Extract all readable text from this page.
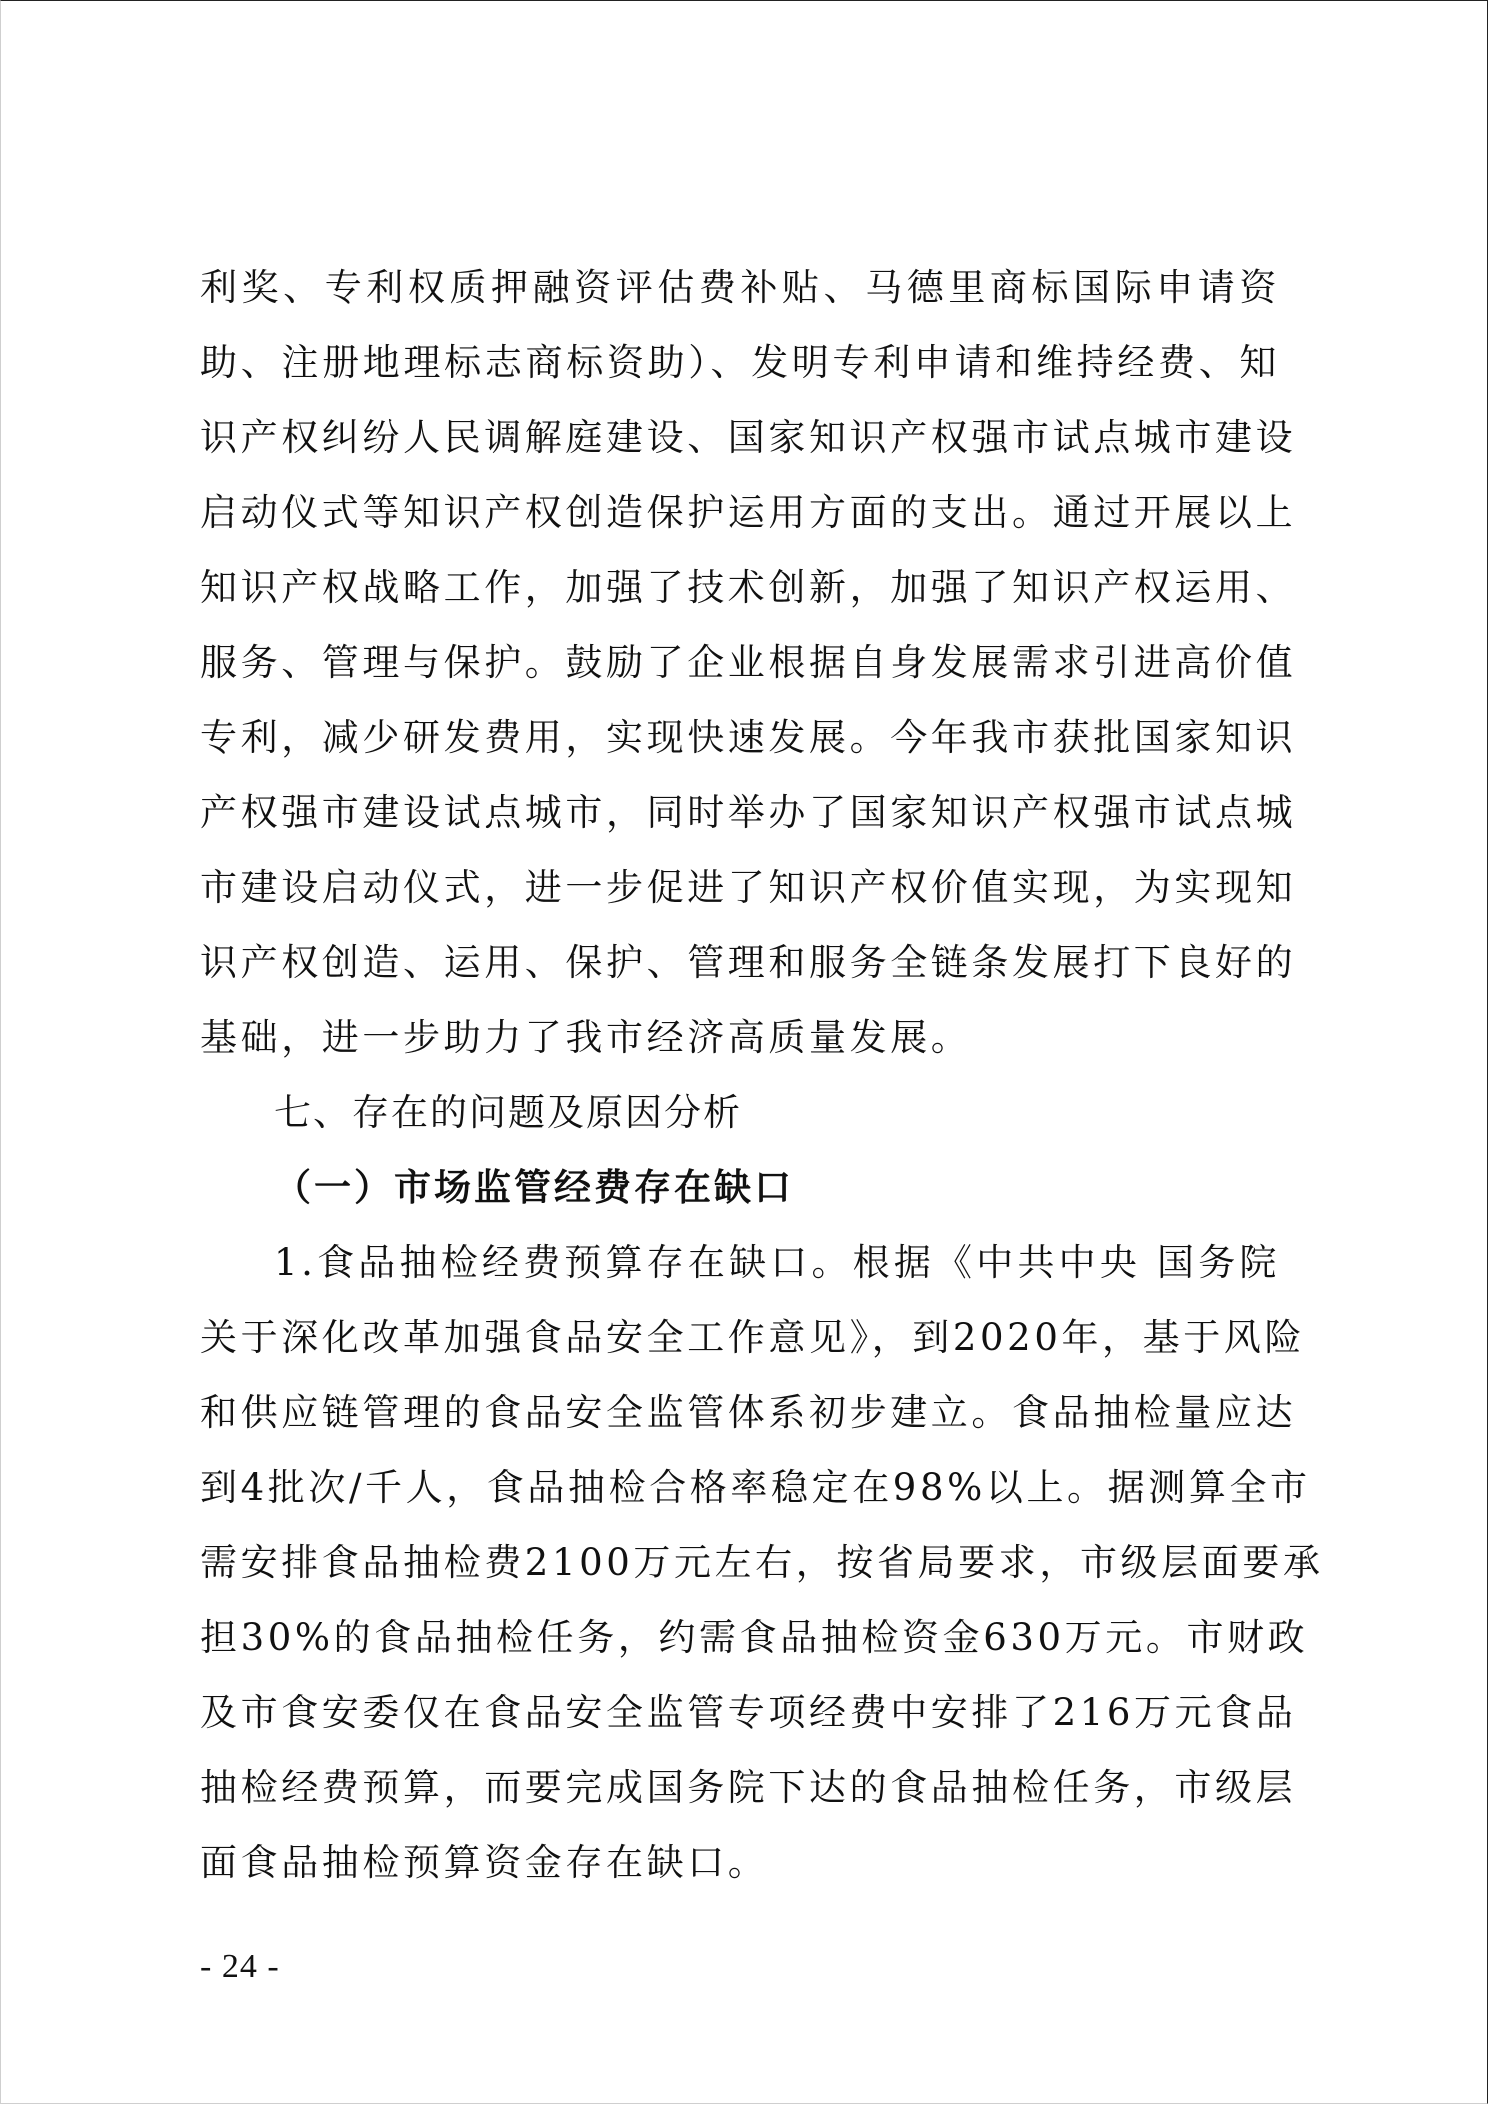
利奖、专利权质押融资评估费补贴、马德里商标国际申请资
助、注册地理标志商标资助）、发明专利申请和维持经费、知
识产权纠纷人民调解庭建设、国家知识产权强市试点城市建设
启动仪式等知识产权创造保护运用方面的支出。通过开展以上
知识产权战略工作，加强了技术创新，加强了知识产权运用、
服务、管理与保护。鼓励了企业根据自身发展需求引进高价值
专利，减少研发费用，实现快速发展。今年我市获批国家知识
产权强市建设试点城市，同时举办了国家知识产权强市试点城
市建设启动仪式，进一步促进了知识产权价值实现，为实现知
识产权创造、运用、保护、管理和服务全链条发展打下良好的
基础，进一步助力了我市经济高质量发展。
七、存在的问题及原因分析
（一）市场监管经费存在缺口
1.食品抽检经费预算存在缺口。根据《中共中央 国务院
关于深化改革加强食品安全工作意见》，到2020年，基于风险
和供应链管理的食品安全监管体系初步建立。食品抽检量应达
到4批次/千人，食品抽检合格率稳定在98%以上。据测算全市
需安排食品抽检费2100万元左右，按省局要求，市级层面要承
担30%的食品抽检任务，约需食品抽检资金630万元。市财政
及市食安委仅在食品安全监管专项经费中安排了216万元食品
抽检经费预算，而要完成国务院下达的食品抽检任务，市级层
面食品抽检预算资金存在缺口。
- 24 -
